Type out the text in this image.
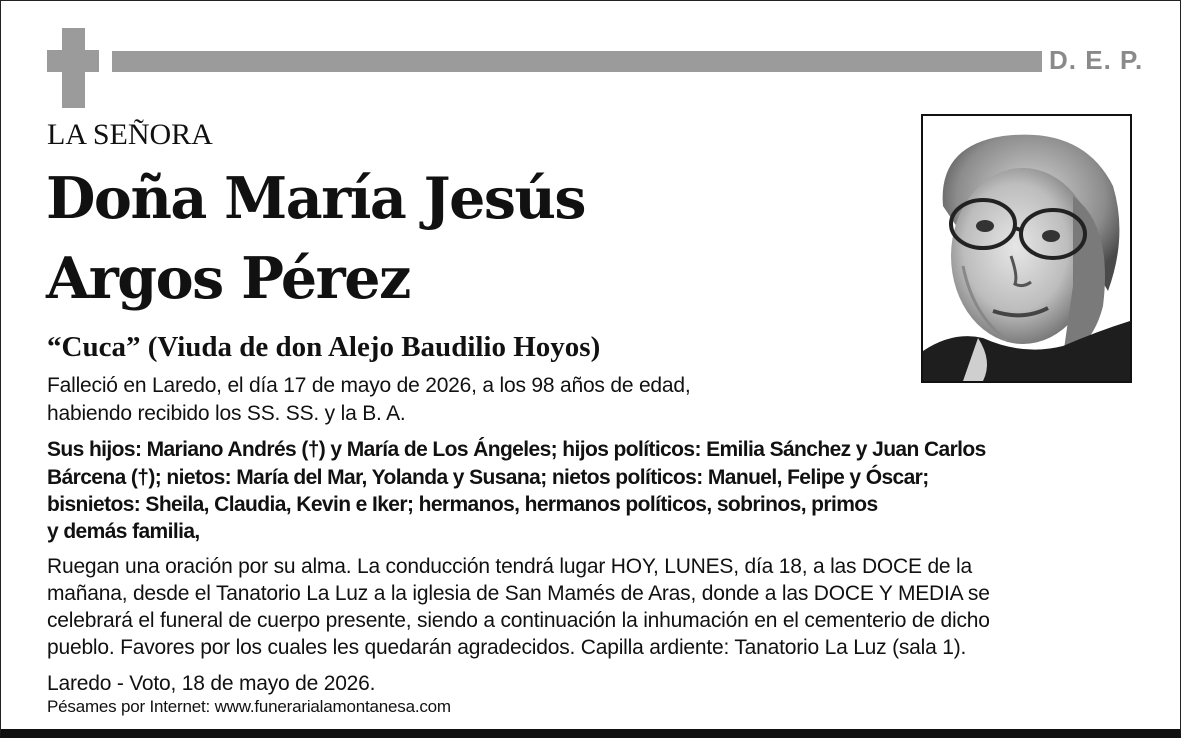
D. E. P.
LA SEÑORA
Doña María Jesús
Argos Pérez
“Cuca” (Viuda de don Alejo Baudilio Hoyos)
Falleció en Laredo, el día 17 de mayo de 2026, a los 98 años de edad,
habiendo recibido los SS. SS. y la B. A.
Sus hijos: Mariano Andrés (†) y María de Los Ángeles; hijos políticos: Emilia Sánchez y Juan Carlos
Bárcena (†); nietos: María del Mar, Yolanda y Susana; nietos políticos: Manuel, Felipe y Óscar;
bisnietos: Sheila, Claudia, Kevin e Iker; hermanos, hermanos políticos, sobrinos, primos
y demás familia,
Ruegan una oración por su alma. La conducción tendrá lugar HOY, LUNES, día 18, a las DOCE de la
mañana, desde el Tanatorio La Luz a la iglesia de San Mamés de Aras, donde a las DOCE Y MEDIA se
celebrará el funeral de cuerpo presente, siendo a continuación la inhumación en el cementerio de dicho
pueblo. Favores por los cuales les quedarán agradecidos. Capilla ardiente: Tanatorio La Luz (sala 1).
Laredo - Voto, 18 de mayo de 2026.
Pésames por Internet: www.funerarialamontanesa.com
